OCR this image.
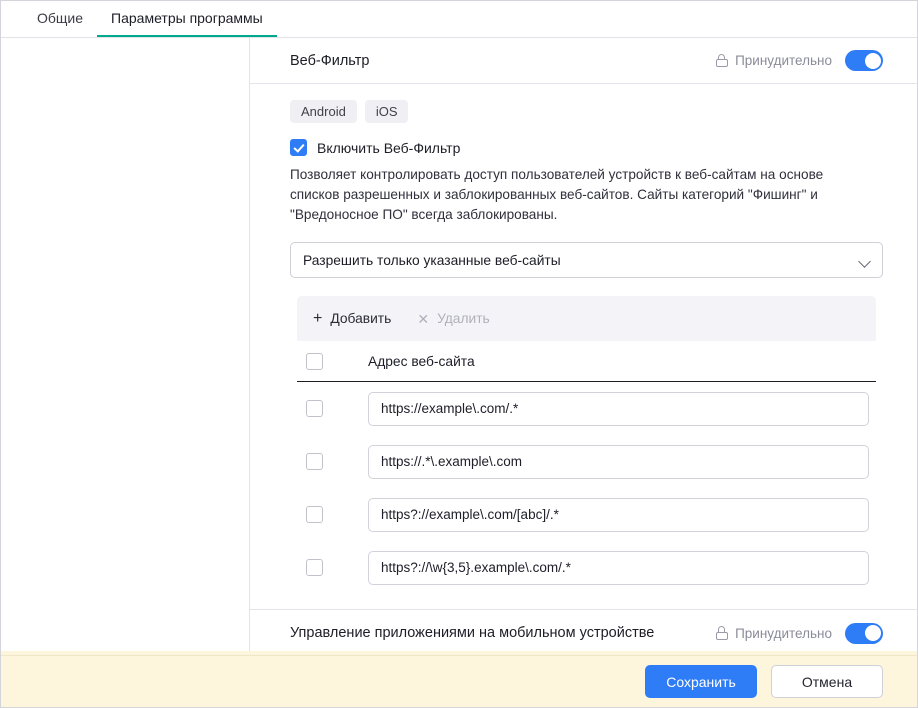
Общие Параметры программы
Веб-Фильтр	Принудительно
Android	iOS
Включить Веб-Фильтр

Позволяет контролировать доступ пользователей устройств к веб-сайтам на основе списков разрешенных и заблокированных веб-сайтов. Сайты категорий "Фишинг" и "Вредоносное ПО" всегда заблокированы.

Разрешить только указанные веб-сайты
+ Добавить ✕ Удалить
Адрес веб-сайта
https://example\.com/.*
https://.*\.example\.com
https?://example\.com/[abc]/.*
https?://\w{3,5}.example\.com/.*
Управление приложениями на мобильном устройстве	Принудительно
Сохранить	Отмена
